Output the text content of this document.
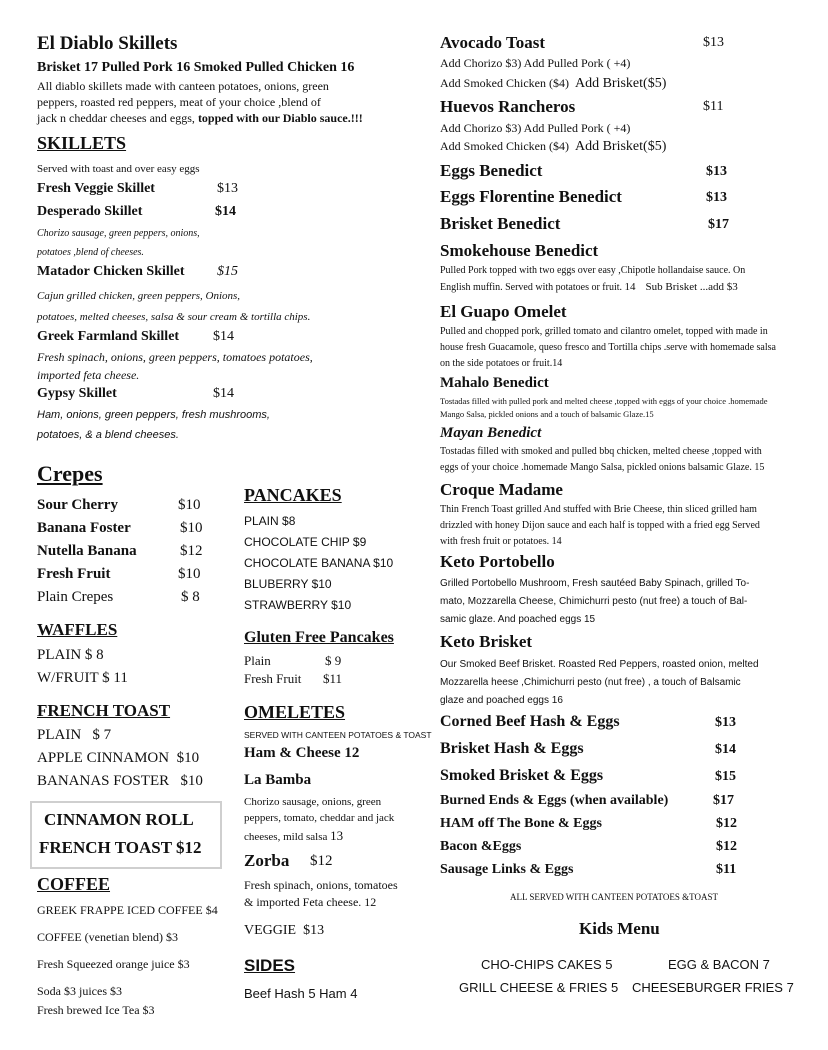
El Diablo Skillets
Brisket 17 Pulled Pork 16 Smoked Pulled Chicken 16
All diablo skillets made with canteen potatoes, onions, green
peppers, roasted red peppers, meat of your choice ,blend of
jack n cheddar cheeses and eggs, topped with our Diablo sauce.!!!
SKILLETS
Served with toast and over easy eggs
Fresh Veggie Skillet	$13
Desperado Skillet	$14
Chorizo sausage, green peppers, onions,
potatoes ,blend of cheeses.
Matador Chicken Skillet $15
Cajun grilled chicken, green peppers, Onions,
potatoes, melted cheeses, salsa & sour cream & tortilla chips.
Greek Farmland Skillet $14
Fresh spinach, onions, green peppers, tomatoes potatoes,
imported feta cheese.
Gypsy Skillet	$14
Ham, onions, green peppers, fresh mushrooms,
potatoes, & a blend cheeses.
Crepes
Sour Cherry	$10
Banana Foster	$10
Nutella Banana	$12
Fresh Fruit	$10
Plain Crepes	$ 8
WAFFLES
PLAIN $ 8
W/FRUIT $ 11
FRENCH TOAST
PLAIN $ 7
APPLE CINNAMON $10
BANANAS FOSTER $10
CINNAMON ROLL
FRENCH TOAST $12
COFFEE
GREEK FRAPPE ICED COFFEE $4
COFFEE (venetian blend) $3
Fresh Squeezed orange juice $3
Soda $3 juices $3
Fresh brewed Ice Tea $3
PANCAKES
PLAIN $8
CHOCOLATE CHIP $9
CHOCOLATE BANANA $10
BLUBERRY $10
STRAWBERRY $10
Gluten Free Pancakes
Plain	$ 9
Fresh Fruit $11
OMELETES
SERVED WITH CANTEEN POTATOES & TOAST
Ham & Cheese 12
La Bamba
Chorizo sausage, onions, green
peppers, tomato, cheddar and jack
cheeses, mild salsa 13
Zorba $12
Fresh spinach, onions, tomatoes
& imported Feta cheese. 12
VEGGIE $13
SIDES
Beef Hash 5 Ham 4
Avocado Toast	$13
Add Chorizo $3) Add Pulled Pork ( +4)
Add Smoked Chicken ($4) Add Brisket($5)
Huevos Rancheros	$11
Add Chorizo $3) Add Pulled Pork ( +4)
Add Smoked Chicken ($4) Add Brisket($5)
Eggs Benedict	$13
Eggs Florentine Benedict	$13
Brisket Benedict	$17
Smokehouse Benedict
Pulled Pork topped with two eggs over easy ,Chipotle hollandaise sauce. On
English muffin. Served with potatoes or fruit. 14 Sub Brisket ...add $3
El Guapo Omelet
Pulled and chopped pork, grilled tomato and cilantro omelet, topped with made in
house fresh Guacamole, queso fresco and Tortilla chips .serve with homemade salsa
on the side potatoes or fruit.14
Mahalo Benedict
Tostadas filled with pulled pork and melted cheese ,topped with eggs of your choice .homemade
Mango Salsa, pickled onions and a touch of balsamic Glaze.15
Mayan Benedict
Tostadas filled with smoked and pulled bbq chicken, melted cheese ,topped with
eggs of your choice .homemade Mango Salsa, pickled onions balsamic Glaze. 15
Croque Madame
Thin French Toast grilled And stuffed with Brie Cheese, thin sliced grilled ham
drizzled with honey Dijon sauce and each half is topped with a fried egg Served
with fresh fruit or potatoes. 14
Keto Portobello
Grilled Portobello Mushroom, Fresh sautéed Baby Spinach, grilled To-
mato, Mozzarella Cheese, Chimichurri pesto (nut free) a touch of Bal-
samic glaze. And poached eggs 15
Keto Brisket
Our Smoked Beef Brisket. Roasted Red Peppers, roasted onion, melted
Mozzarella heese ,Chimichurri pesto (nut free) , a touch of Balsamic
glaze and poached eggs 16
Corned Beef Hash & Eggs	$13
Brisket Hash & Eggs	$14
Smoked Brisket & Eggs	$15
Burned Ends & Eggs (when available)	$17
HAM off The Bone & Eggs	$12
Bacon &Eggs	$12
Sausage Links & Eggs	$11
ALL SERVED WITH CANTEEN POTATOES &TOAST
Kids Menu
CHO-CHIPS CAKES 5	EGG & BACON 7
GRILL CHEESE & FRIES 5 CHEESEBURGER FRIES 7
